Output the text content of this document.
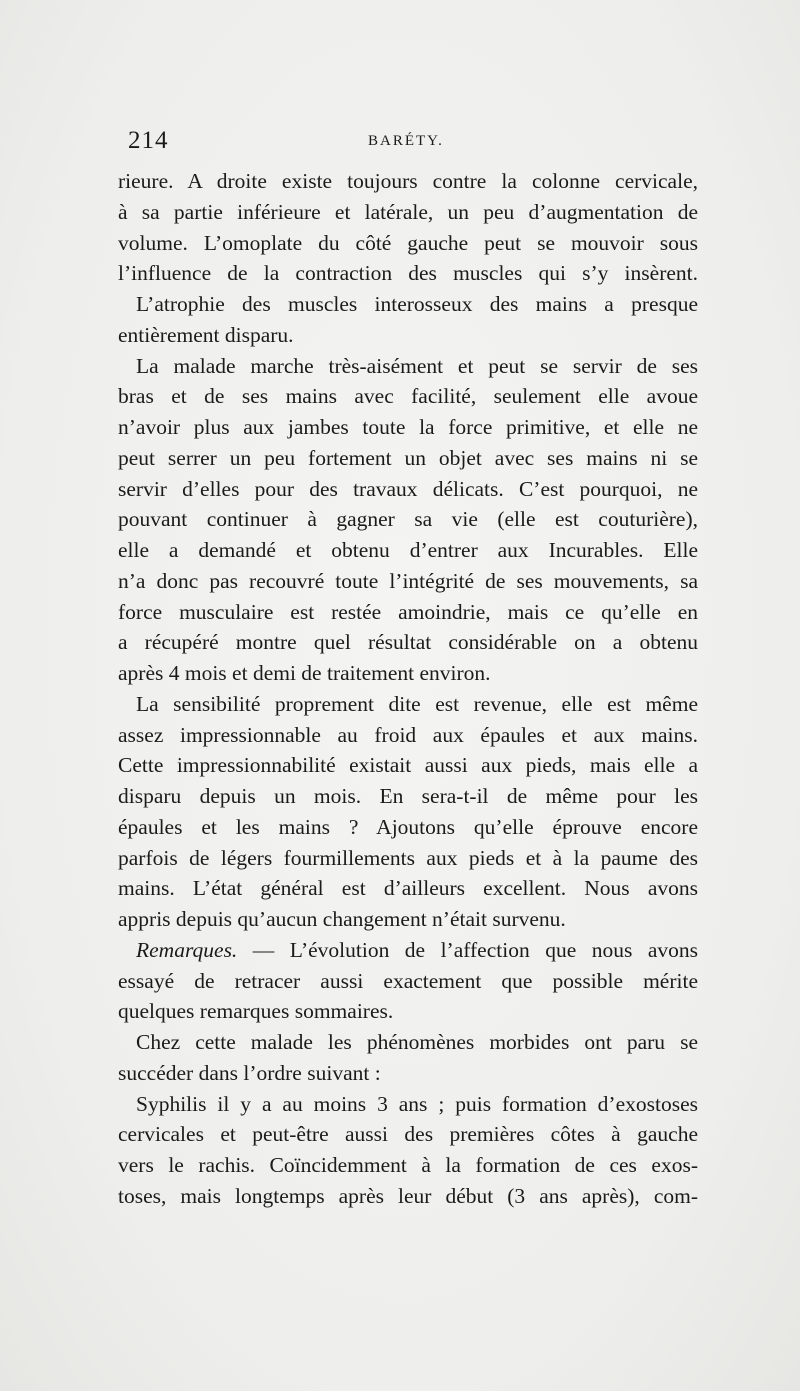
214	BARÉTY.
rieure. A droite existe toujours contre la colonne cervicale,
à sa partie inférieure et latérale, un peu d’augmentation de
volume. L’omoplate du côté gauche peut se mouvoir sous
l’influence de la contraction des muscles qui s’y insèrent.
L’atrophie des muscles interosseux des mains a presque
entièrement disparu.
La malade marche très-aisément et peut se servir de ses
bras et de ses mains avec facilité, seulement elle avoue
n’avoir plus aux jambes toute la force primitive, et elle ne
peut serrer un peu fortement un objet avec ses mains ni se
servir d’elles pour des travaux délicats. C’est pourquoi, ne
pouvant continuer à gagner sa vie (elle est couturière),
elle a demandé et obtenu d’entrer aux Incurables. Elle
n’a donc pas recouvré toute l’intégrité de ses mouvements, sa
force musculaire est restée amoindrie, mais ce qu’elle en
a récupéré montre quel résultat considérable on a obtenu
après 4 mois et demi de traitement environ.
La sensibilité proprement dite est revenue, elle est même
assez impressionnable au froid aux épaules et aux mains.
Cette impressionnabilité existait aussi aux pieds, mais elle a
disparu depuis un mois. En sera-t-il de même pour les
épaules et les mains ? Ajoutons qu’elle éprouve encore
parfois de légers fourmillements aux pieds et à la paume des
mains. L’état général est d’ailleurs excellent. Nous avons
appris depuis qu’aucun changement n’était survenu.
Remarques. — L’évolution de l’affection que nous avons
essayé de retracer aussi exactement que possible mérite
quelques remarques sommaires.
Chez cette malade les phénomènes morbides ont paru se
succéder dans l’ordre suivant :
Syphilis il y a au moins 3 ans ; puis formation d’exostoses
cervicales et peut-être aussi des premières côtes à gauche
vers le rachis. Coïncidemment à la formation de ces exos-
toses, mais longtemps après leur début (3 ans après), com-
